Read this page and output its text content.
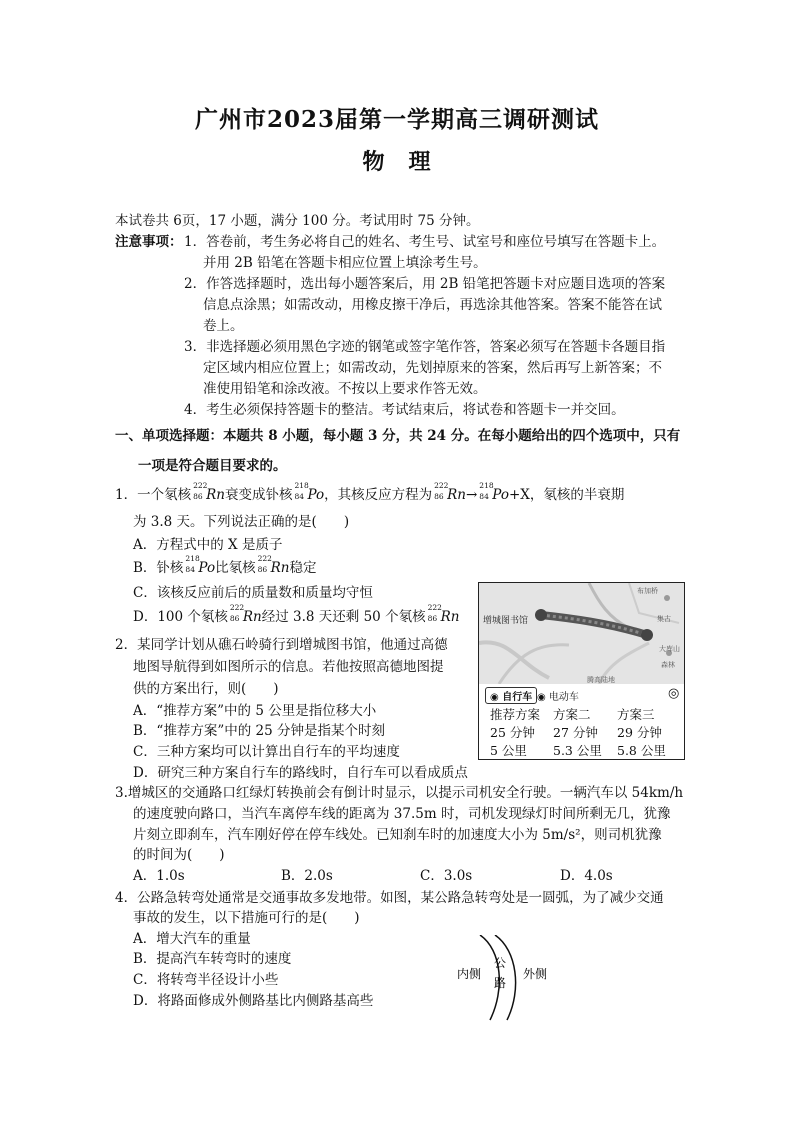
广州市2023届第一学期高三调研测试
物　理
本试卷共 6页，17 小题，满分 100 分。考试用时 75 分钟。
注意事项： 1．答卷前，考生务必将自己的姓名、考生号、试室号和座位号填写在答题卡上。
并用 2B 铅笔在答题卡相应位置上填涂考生号。
2．作答选择题时，选出每小题答案后，用 2B 铅笔把答题卡对应题目选项的答案
信息点涂黑；如需改动，用橡皮擦干净后，再选涂其他答案。答案不能答在试
卷上。
3．非选择题必须用黑色字迹的钢笔或签字笔作答，答案必须写在答题卡各题目指
定区域内相应位置上；如需改动，先划掉原来的答案，然后再写上新答案；不
准使用铅笔和涂改液。不按以上要求作答无效。
4．考生必须保持答题卡的整洁。考试结束后，将试卷和答题卡一并交回。
一、单项选择题：本题共 8 小题，每小题 3 分，共 24 分。在每小题给出的四个选项中，只有
一项是符合题目要求的。
1．一个氡核
222
86 Rn衰变成钋核
218
84 Po，其核反应方程为
222
86 Rn→
218
84 Po+X，氡核的半衰期
为 3.8 天。下列说法正确的是(　　)
A．方程式中的 X 是质子
B．钋核
218
84 Po比氡核
222
86 Rn稳定
C．该核反应前后的质量数和质量均守恒
D．100 个氡核
222
86 Rn经过 3.8 天还剩 50 个氡核
222
86 Rn	增城图书馆
布加桥
集古
大库山
森林
腾高陆地
◉ 自行车 ◉ 电动车	◎
推荐方案 方案二 方案三
25 分钟 27 分钟 29 分钟
5 公里 5.3 公里 5.8 公里
2．某同学计划从礁石岭骑行到增城图书馆，他通过高德
地图导航得到如图所示的信息。若他按照高德地图提
供的方案出行，则(　　)
A．“推荐方案”中的 5 公里是指位移大小
B．“推荐方案”中的 25 分钟是指某个时刻
C．三种方案均可以计算出自行车的平均速度
D．研究三种方案自行车的路线时，自行车可以看成质点
3.增城区的交通路口红绿灯转换前会有倒计时显示，以提示司机安全行驶。一辆汽车以 54km/h
的速度驶向路口，当汽车离停车线的距离为 37.5m 时，司机发现绿灯时间所剩无几，犹豫
片刻立即刹车，汽车刚好停在停车线处。已知刹车时的加速度大小为 5m/s²，则司机犹豫
的时间为(　　)
A．1.0s	B．2.0s	C．3.0s	D．4.0s
4．公路急转弯处通常是交通事故多发地带。如图，某公路急转弯处是一圆弧，为了减少交通
事故的发生，以下措施可行的是(　　)
A．增大汽车的重量
B．提高汽车转弯时的速度
C．将转弯半径设计小些
D．将路面修成外侧路基比内侧路基高些
内侧
公
路
外侧
